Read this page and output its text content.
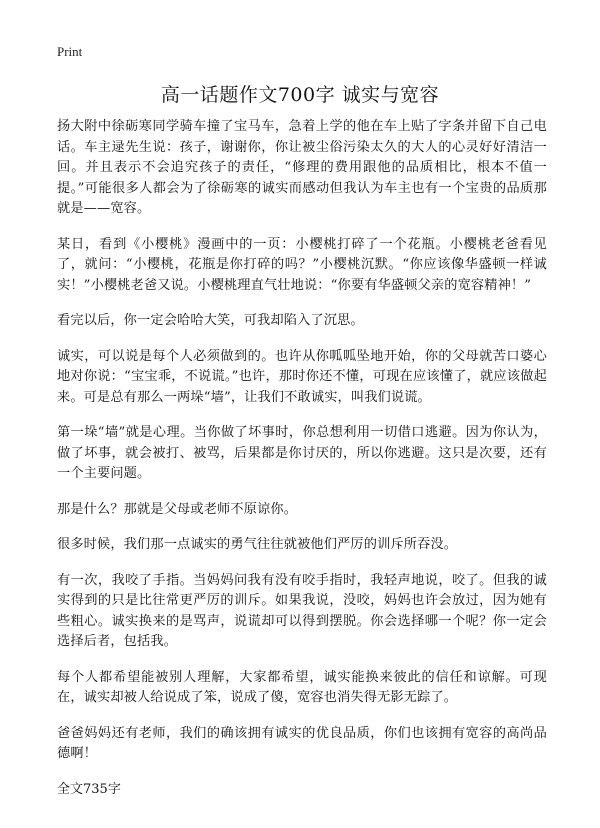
Print
高一话题作文700字 诚实与宽容

扬大附中徐砺寒同学骑车撞了宝马车，急着上学的他在车上贴了字条并留下自己电话。车主逯先生说：孩子，谢谢你，你让被尘俗污染太久的大人的心灵好好清洁一回。并且表示不会追究孩子的责任，“修理的费用跟他的品质相比，根本不值一提。”可能很多人都会为了徐砺寒的诚实而感动但我认为车主也有一个宝贵的品质那就是——宽容。

某日，看到《小樱桃》漫画中的一页：小樱桃打碎了一个花瓶。小樱桃老爸看见了，就问：“小樱桃，花瓶是你打碎的吗？”小樱桃沉默。“你应该像华盛顿一样诚实！”小樱桃老爸又说。小樱桃理直气壮地说：“你要有华盛顿父亲的宽容精神！”

看完以后，你一定会哈哈大笑，可我却陷入了沉思。

诚实，可以说是每个人必须做到的。也许从你呱呱坠地开始，你的父母就苦口婆心地对你说：“宝宝乖，不说谎。”也许，那时你还不懂，可现在应该懂了，就应该做起来。可是总有那么一两垛“墙”，让我们不敢诚实，叫我们说谎。

第一垛“墙”就是心理。当你做了坏事时，你总想利用一切借口逃避。因为你认为，做了坏事，就会被打、被骂，后果都是你讨厌的，所以你逃避。这只是次要，还有一个主要问题。

那是什么？那就是父母或老师不原谅你。

很多时候，我们那一点诚实的勇气往往就被他们严厉的训斥所吞没。

有一次，我咬了手指。当妈妈问我有没有咬手指时，我轻声地说，咬了。但我的诚实得到的只是比往常更严厉的训斥。如果我说，没咬，妈妈也许会放过，因为她有些粗心。诚实换来的是骂声，说谎却可以得到摆脱。你会选择哪一个呢？你一定会选择后者，包括我。

每个人都希望能被别人理解，大家都希望，诚实能换来彼此的信任和谅解。可现在，诚实却被人给说成了笨，说成了傻，宽容也消失得无影无踪了。

爸爸妈妈还有老师，我们的确该拥有诚实的优良品质，你们也该拥有宽容的高尚品德啊！

全文735字
